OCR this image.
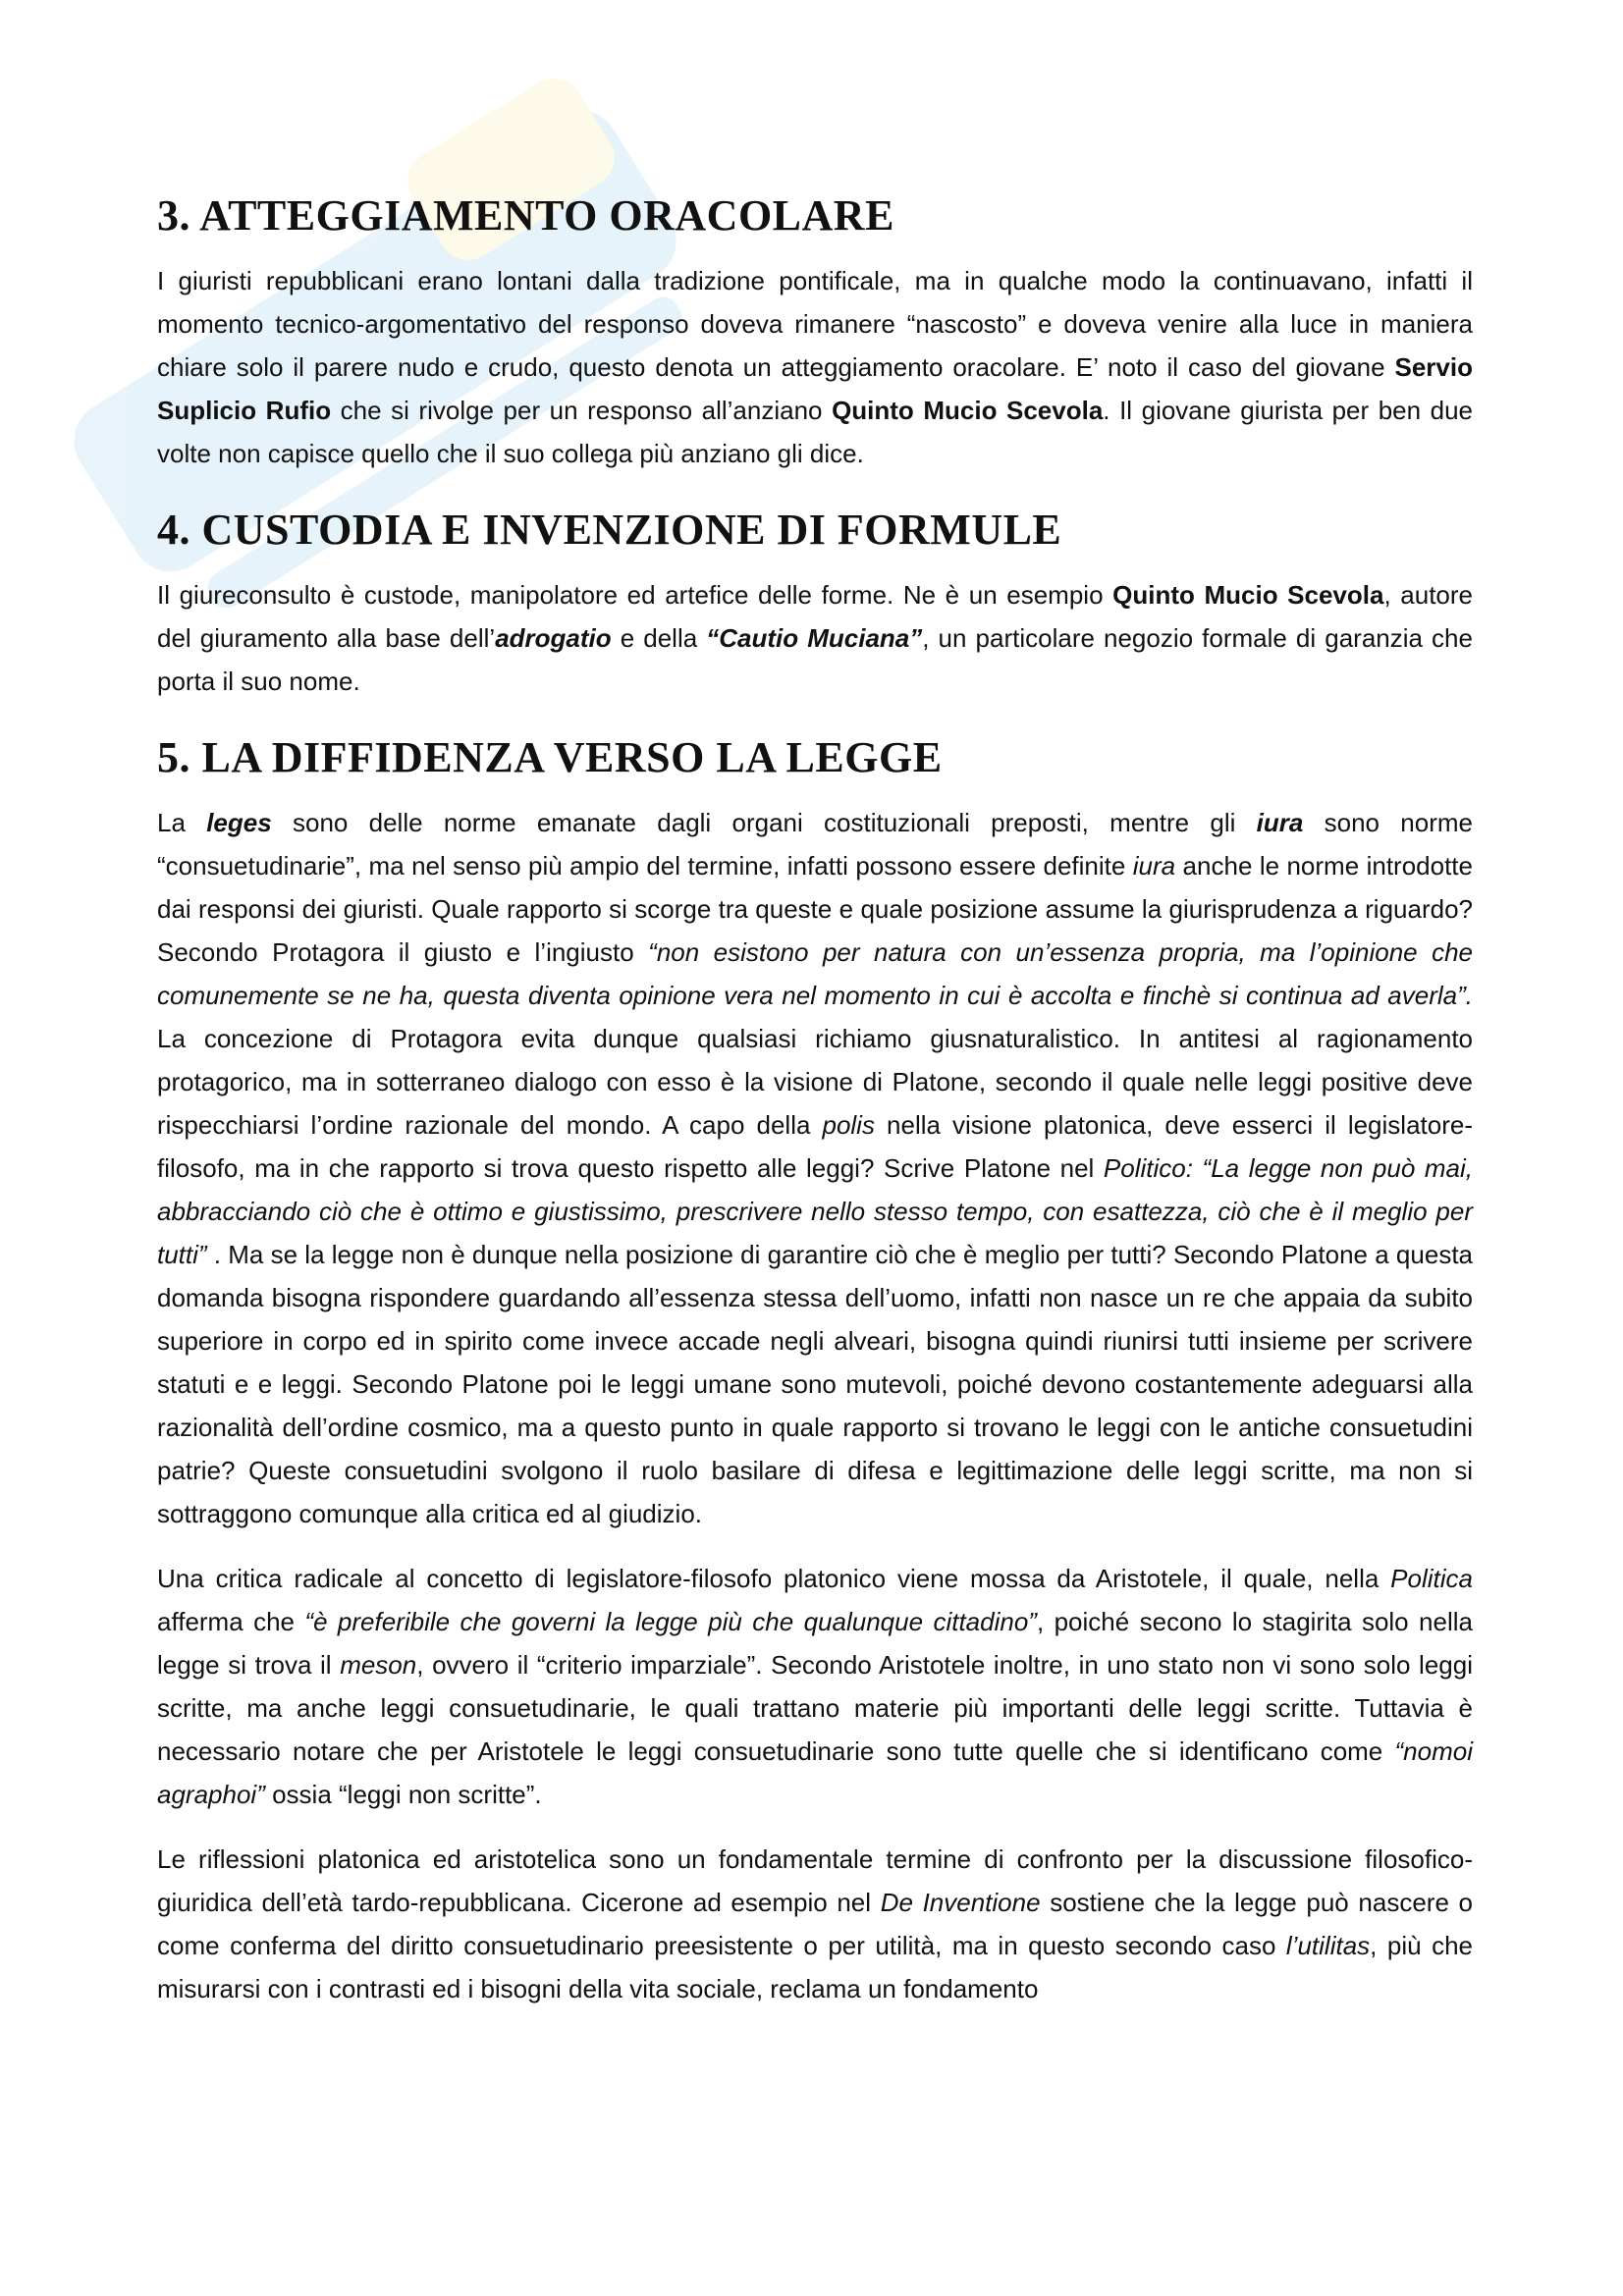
3. ATTEGGIAMENTO ORACOLARE

I giuristi repubblicani erano lontani dalla tradizione pontificale, ma in qualche modo la continuavano, infatti il momento tecnico-argomentativo del responso doveva rimanere “nascosto” e doveva venire alla luce in maniera chiare solo il parere nudo e crudo, questo denota un atteggiamento oracolare. E’ noto il caso del giovane Servio Suplicio Rufio che si rivolge per un responso all’anziano Quinto Mucio Scevola. Il giovane giurista per ben due volte non capisce quello che il suo collega più anziano gli dice.

4. CUSTODIA E INVENZIONE DI FORMULE

Il giureconsulto è custode, manipolatore ed artefice delle forme. Ne è un esempio Quinto Mucio Scevola, autore del giuramento alla base dell’adrogatio e della “Cautio Muciana”, un particolare negozio formale di garanzia che porta il suo nome.

5. LA DIFFIDENZA VERSO LA LEGGE

La leges sono delle norme emanate dagli organi costituzionali preposti, mentre gli iura sono norme “consuetudinarie”, ma nel senso più ampio del termine, infatti possono essere definite iura anche le norme introdotte dai responsi dei giuristi. Quale rapporto si scorge tra queste e quale posizione assume la giurisprudenza a riguardo? Secondo Protagora il giusto e l’ingiusto “non esistono per natura con un’essenza propria, ma l’opinione che comunemente se ne ha, questa diventa opinione vera nel momento in cui è accolta e finchè si continua ad averla”. La concezione di Protagora evita dunque qualsiasi richiamo giusnaturalistico. In antitesi al ragionamento protagorico, ma in sotterraneo dialogo con esso è la visione di Platone, secondo il quale nelle leggi positive deve rispecchiarsi l’ordine razionale del mondo. A capo della polis nella visione platonica, deve esserci il legislatore-filosofo, ma in che rapporto si trova questo rispetto alle leggi? Scrive Platone nel Politico: “La legge non può mai, abbracciando ciò che è ottimo e giustissimo, prescrivere nello stesso tempo, con esattezza, ciò che è il meglio per tutti” . Ma se la legge non è dunque nella posizione di garantire ciò che è meglio per tutti? Secondo Platone a questa domanda bisogna rispondere guardando all’essenza stessa dell’uomo, infatti non nasce un re che appaia da subito superiore in corpo ed in spirito come invece accade negli alveari, bisogna quindi riunirsi tutti insieme per scrivere statuti e e leggi. Secondo Platone poi le leggi umane sono mutevoli, poiché devono costantemente adeguarsi alla razionalità dell’ordine cosmico, ma a questo punto in quale rapporto si trovano le leggi con le antiche consuetudini patrie? Queste consuetudini svolgono il ruolo basilare di difesa e legittimazione delle leggi scritte, ma non si sottraggono comunque alla critica ed al giudizio.

Una critica radicale al concetto di legislatore-filosofo platonico viene mossa da Aristotele, il quale, nella Politica afferma che “è preferibile che governi la legge più che qualunque cittadino”, poiché secono lo stagirita solo nella legge si trova il meson, ovvero il “criterio imparziale”. Secondo Aristotele inoltre, in uno stato non vi sono solo leggi scritte, ma anche leggi consuetudinarie, le quali trattano materie più importanti delle leggi scritte. Tuttavia è necessario notare che per Aristotele le leggi consuetudinarie sono tutte quelle che si identificano come “nomoi agraphoi” ossia “leggi non scritte”.

Le riflessioni platonica ed aristotelica sono un fondamentale termine di confronto per la discussione filosofico-giuridica dell’età tardo-repubblicana. Cicerone ad esempio nel De Inventione sostiene che la legge può nascere o come conferma del diritto consuetudinario preesistente o per utilità, ma in questo secondo caso l’utilitas, più che misurarsi con i contrasti ed i bisogni della vita sociale, reclama un fondamento
